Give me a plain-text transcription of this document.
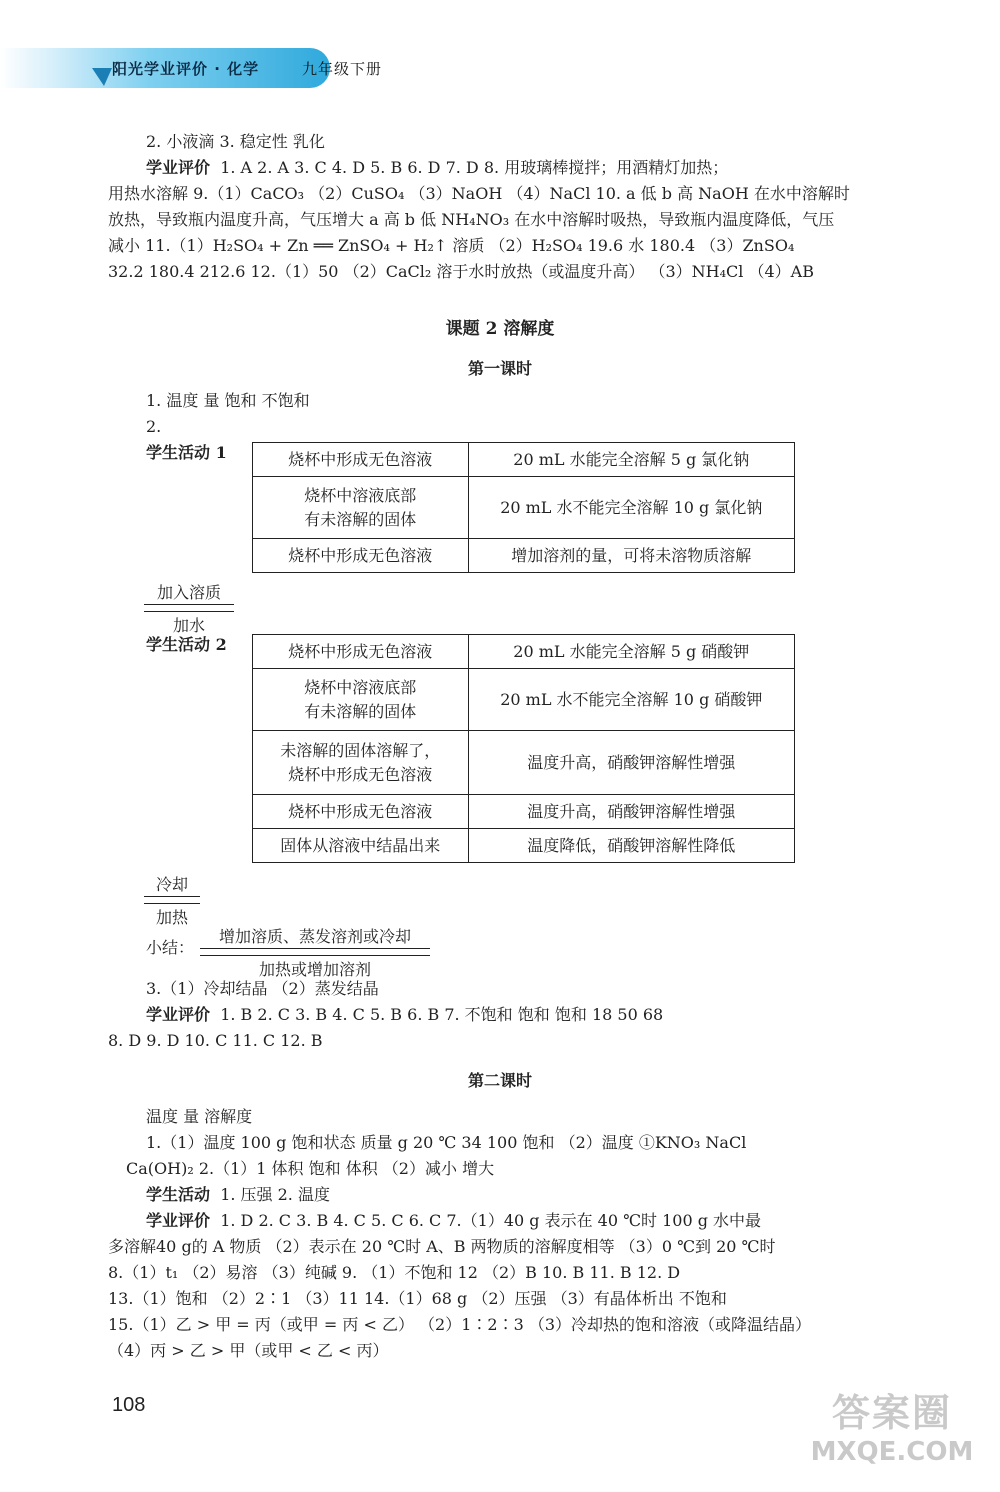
阳光学业评价 · 化学	九年级下册
2. 小液滴 3. 稳定性 乳化
学业评价 1. A 2. A 3. C 4. D 5. B 6. D 7. D 8. 用玻璃棒搅拌；用酒精灯加热；
用热水溶解 9.（1）CaCO₃ （2）CuSO₄ （3）NaOH （4）NaCl 10. a 低 b 高 NaOH 在水中溶解时
放热，导致瓶内温度升高，气压增大 a 高 b 低 NH₄NO₃ 在水中溶解时吸热，导致瓶内温度降低，气压
减小 11.（1）H₂SO₄ + Zn ══ ZnSO₄ + H₂↑ 溶质 （2）H₂SO₄ 19.6 水 180.4 （3）ZnSO₄
32.2 180.4 212.6 12.（1）50 （2）CaCl₂ 溶于水时放热（或温度升高） （3）NH₄Cl （4）AB
课题 2 溶解度
第一课时
1. 温度 量 饱和 不饱和
2.
学生活动 1	烧杯中形成无色溶液	20 mL 水能完全溶解 5 g 氯化钠
烧杯中溶液底部
有未溶解的固体	20 mL 水不能完全溶解 10 g 氯化钠
烧杯中形成无色溶液	增加溶剂的量，可将未溶物质溶解
加入溶质
加水
学生活动 2	烧杯中形成无色溶液	20 mL 水能完全溶解 5 g 硝酸钾
烧杯中溶液底部
有未溶解的固体	20 mL 水不能完全溶解 10 g 硝酸钾
未溶解的固体溶解了，
烧杯中形成无色溶液	温度升高，硝酸钾溶解性增强
烧杯中形成无色溶液	温度升高，硝酸钾溶解性增强
固体从溶液中结晶出来	温度降低，硝酸钾溶解性降低
冷却
加热
小结：
增加溶质、蒸发溶剂或冷却
加热或增加溶剂
3.（1）冷却结晶 （2）蒸发结晶
学业评价 1. B 2. C 3. B 4. C 5. B 6. B 7. 不饱和 饱和 饱和 18 50 68
8. D 9. D 10. C 11. C 12. B
第二课时
温度 量 溶解度
1.（1）温度 100 g 饱和状态 质量 g 20 ℃ 34 100 饱和 （2）温度 ①KNO₃ NaCl
Ca(OH)₂ 2.（1）1 体积 饱和 体积 （2）减小 增大
学生活动 1. 压强 2. 温度
学业评价 1. D 2. C 3. B 4. C 5. C 6. C 7.（1）40 g 表示在 40 ℃时 100 g 水中最
多溶解40 g的 A 物质 （2）表示在 20 ℃时 A、B 两物质的溶解度相等 （3）0 ℃到 20 ℃时
8.（1）t₁ （2）易溶 （3）纯碱 9. （1）不饱和 12 （2）B 10. B 11. B 12. D
13.（1）饱和 （2）2∶1 （3）11 14.（1）68 g （2）压强 （3）有晶体析出 不饱和
15.（1）乙 > 甲 = 丙（或甲 = 丙 < 乙） （2）1∶2∶3 （3）冷却热的饱和溶液（或降温结晶）
（4）丙 > 乙 > 甲（或甲 < 乙 < 丙）
108	答案圈
MXQE.COM
